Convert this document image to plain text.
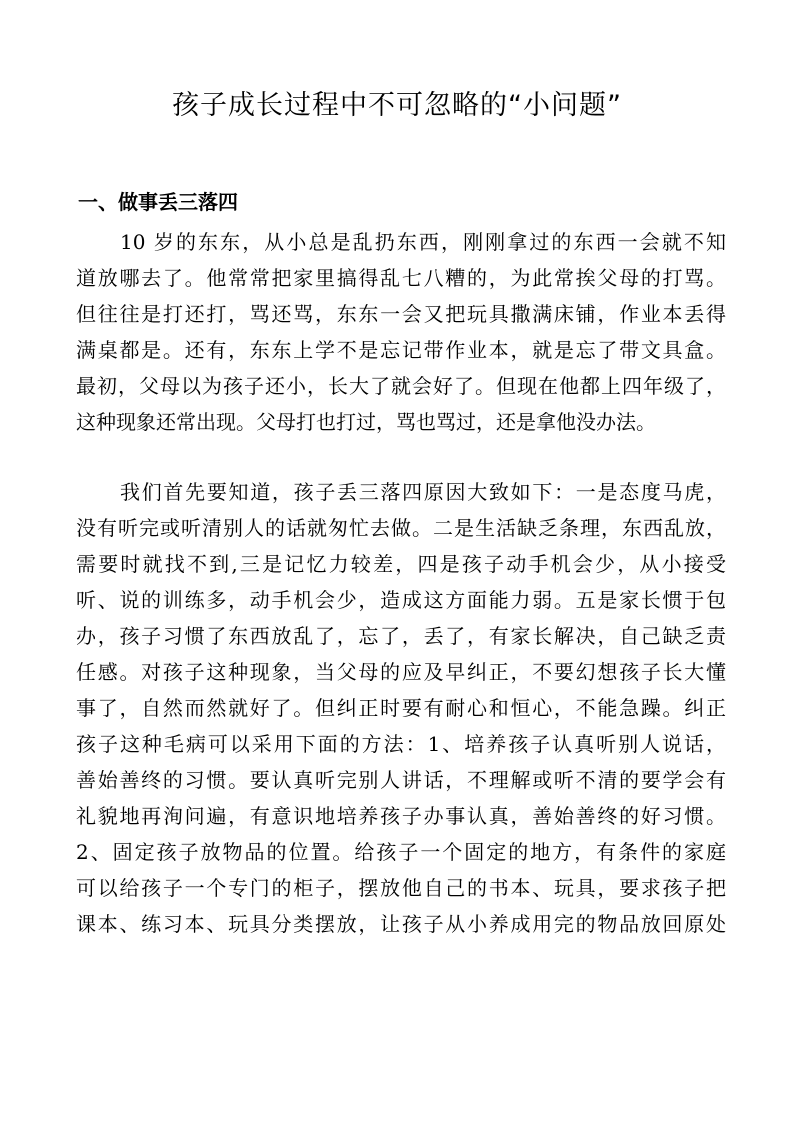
孩子成长过程中不可忽略的“小问题”
一、做事丢三落四
10 岁的东东，从小总是乱扔东西，刚刚拿过的东西一会就不知
道放哪去了。他常常把家里搞得乱七八糟的，为此常挨父母的打骂。
但往往是打还打，骂还骂，东东一会又把玩具撒满床铺，作业本丢得
满桌都是。还有，东东上学不是忘记带作业本，就是忘了带文具盒。
最初，父母以为孩子还小，长大了就会好了。但现在他都上四年级了，
这种现象还常出现。父母打也打过，骂也骂过，还是拿他没办法。
我们首先要知道，孩子丢三落四原因大致如下：一是态度马虎，
没有听完或听清别人的话就匆忙去做。二是生活缺乏条理，东西乱放，
需要时就找不到,三是记忆力较差，四是孩子动手机会少，从小接受
听、说的训练多，动手机会少，造成这方面能力弱。五是家长惯于包
办，孩子习惯了东西放乱了，忘了，丢了，有家长解决，自己缺乏责
任感。对孩子这种现象，当父母的应及早纠正，不要幻想孩子长大懂
事了，自然而然就好了。但纠正时要有耐心和恒心，不能急躁。纠正
孩子这种毛病可以采用下面的方法：1、培养孩子认真听别人说话，
善始善终的习惯。要认真听完别人讲话，不理解或听不清的要学会有
礼貌地再洵问遍，有意识地培养孩子办事认真，善始善终的好习惯。
2、固定孩子放物品的位置。给孩子一个固定的地方，有条件的家庭
可以给孩子一个专门的柜子，摆放他自己的书本、玩具，要求孩子把
课本、练习本、玩具分类摆放，让孩子从小养成用完的物品放回原处
